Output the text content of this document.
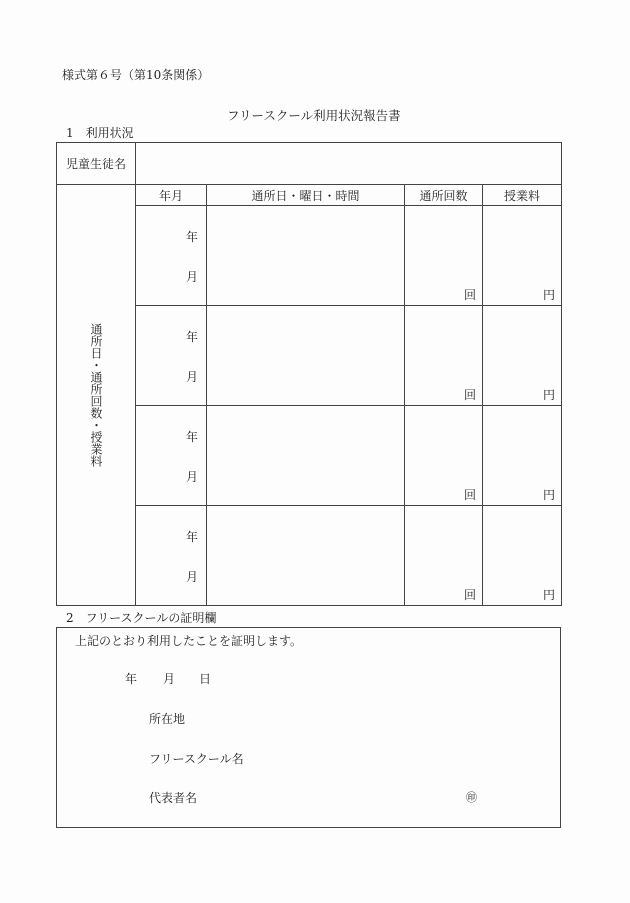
様式第６号（第10条関係）
フリースクール利用状況報告書
1　利用状況
児童生徒名				

通所日・通所回数・授業料	年月	通所日・曜日・時間	通所回数	授業料

	年
月		回	円

	年
月		回	円

	年
月		回	円

	年
月		回	円
2　フリースクールの証明欄
上記のとおり利用したことを証明します。
年 月 日
所在地
フリースクール名
代表者名	㊞
